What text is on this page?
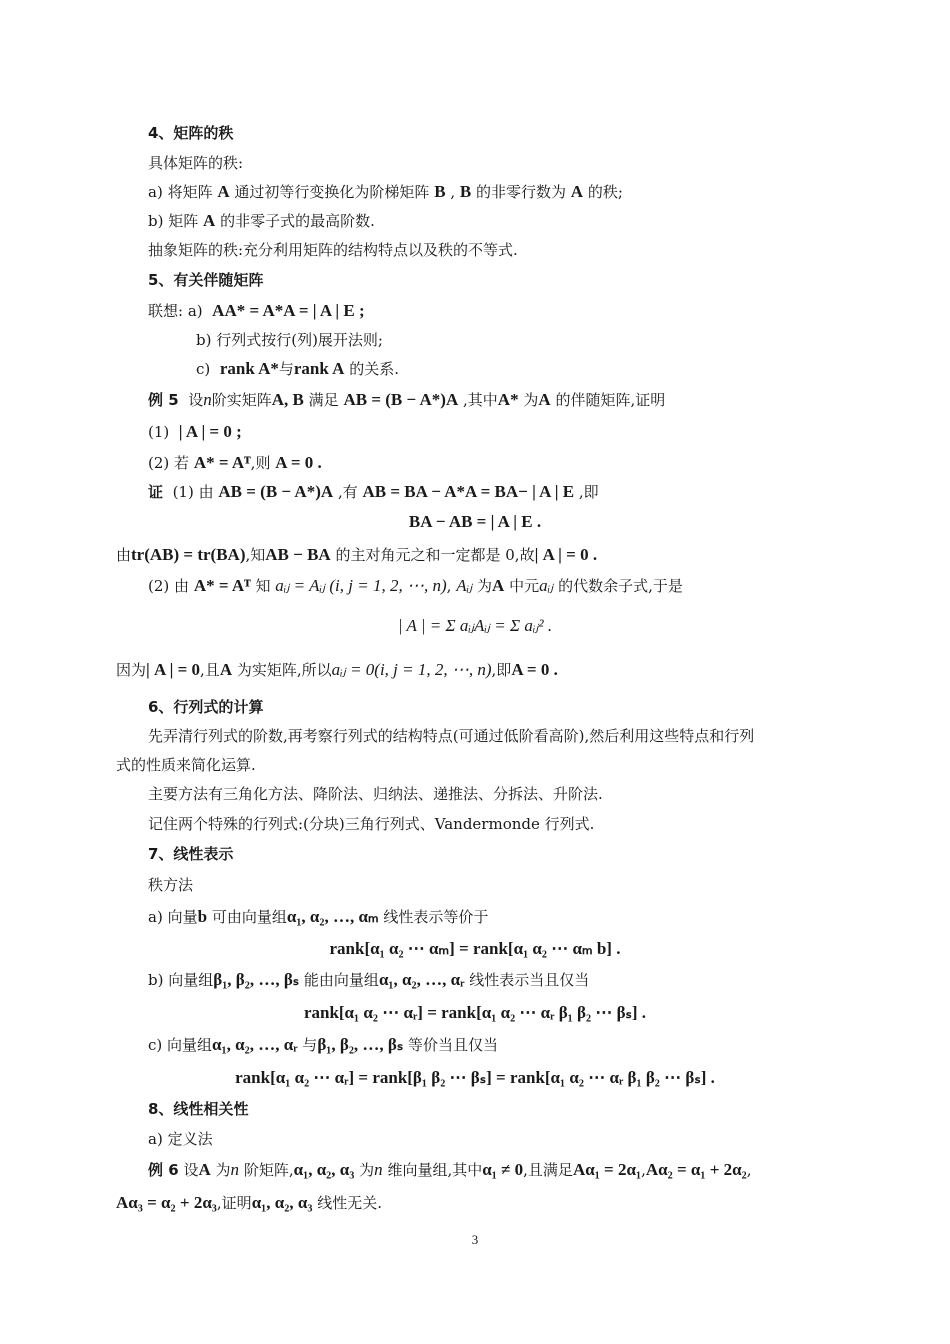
4、矩阵的秩
具体矩阵的秩:
a) 将矩阵 A 通过初等行变换化为阶梯矩阵 B , B 的非零行数为 A 的秩;
b) 矩阵 A 的非零子式的最高阶数.
抽象矩阵的秩:充分利用矩阵的结构特点以及秩的不等式.
5、有关伴随矩阵
联想: a) AA* = A*A = | A | E ;
b) 行列式按行(列)展开法则;
c) rank A*与rank A 的关系.
例 5 设n阶实矩阵A, B 满足 AB = (B − A*)A ,其中A* 为A 的伴随矩阵,证明
(1) | A | = 0 ;
(2) 若 A* = Aᵀ,则 A = 0 .
证 (1) 由 AB = (B − A*)A ,有 AB = BA − A*A = BA− | A | E ,即
BA − AB = | A | E .
由tr(AB) = tr(BA),知AB − BA 的主对角元之和一定都是 0,故| A | = 0 .
(2) 由 A* = Aᵀ 知 aᵢⱼ = Aᵢⱼ (i, j = 1, 2, ⋯, n), Aᵢⱼ 为A 中元aᵢⱼ 的代数余子式,于是
| A | = Σ aᵢⱼAᵢⱼ = Σ aᵢⱼ² .
因为| A | = 0,且A 为实矩阵,所以aᵢⱼ = 0(i, j = 1, 2, ⋯, n),即A = 0 .
6、行列式的计算
先弄清行列式的阶数,再考察行列式的结构特点(可通过低阶看高阶),然后利用这些特点和行列
式的性质来简化运算.
主要方法有三角化方法、降阶法、归纳法、递推法、分拆法、升阶法.
记住两个特殊的行列式:(分块)三角行列式、Vandermonde 行列式.
7、线性表示
秩方法
a) 向量b 可由向量组α₁, α₂, …, αₘ 线性表示等价于
rank[α₁ α₂ ⋯ αₘ] = rank[α₁ α₂ ⋯ αₘ b] .
b) 向量组β₁, β₂, …, βₛ 能由向量组α₁, α₂, …, αᵣ 线性表示当且仅当
rank[α₁ α₂ ⋯ αᵣ] = rank[α₁ α₂ ⋯ αᵣ β₁ β₂ ⋯ βₛ] .
c) 向量组α₁, α₂, …, αᵣ 与β₁, β₂, …, βₛ 等价当且仅当
rank[α₁ α₂ ⋯ αᵣ] = rank[β₁ β₂ ⋯ βₛ] = rank[α₁ α₂ ⋯ αᵣ β₁ β₂ ⋯ βₛ] .
8、线性相关性
a) 定义法
例 6 设A 为n 阶矩阵,α₁, α₂, α₃ 为n 维向量组,其中α₁ ≠ 0,且满足Aα₁ = 2α₁,Aα₂ = α₁ + 2α₂,
Aα₃ = α₂ + 2α₃,证明α₁, α₂, α₃ 线性无关.
3
